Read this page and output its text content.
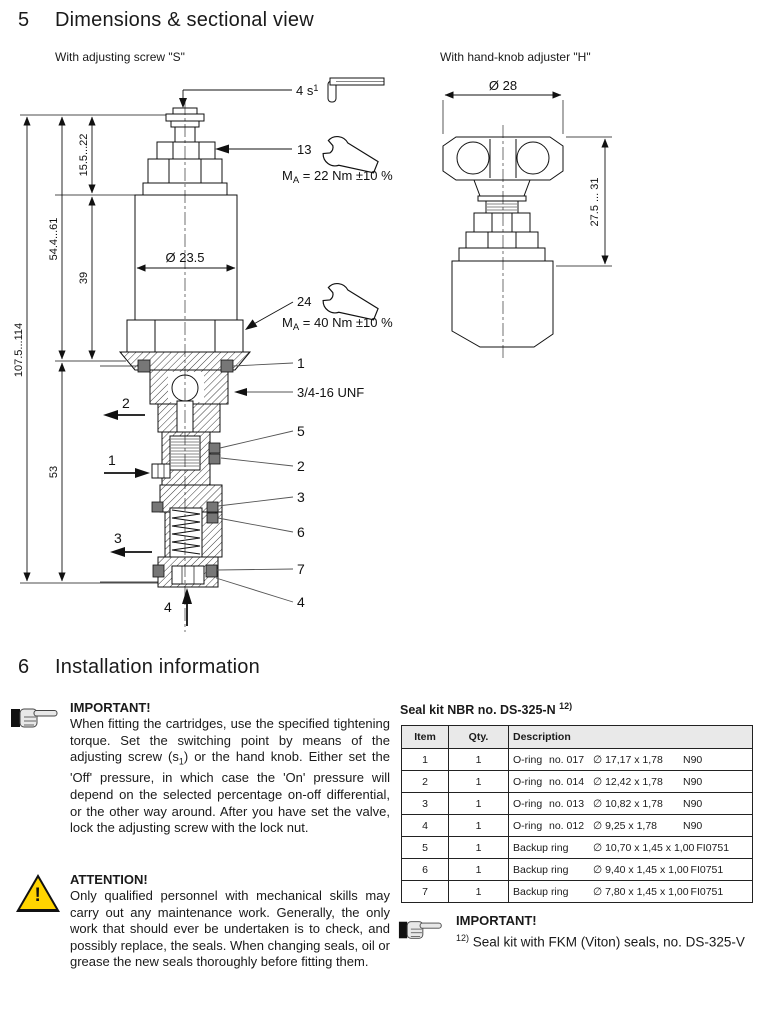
5	Dimensions & sectional view
With adjusting screw "S"	With hand-knob adjuster "H"
107.5...114
54.4...61
53
15.5...22
39
Ø 23.5
4 $s^1$
13
$M_A = 22$ Nm ±10 %
24
$M_A = 40$ Nm ±10 %
1
3/4-16 UNF
5
2
3
6
7
4
2
1
3
4
Ø 28
27.5 ... 31
6	Installation information
IMPORTANT!
When fitting the cartridges, use the specified tightening torque. Set the switching point by means of the adjusting screw $(s_1)$ or the hand knob. Either set the 'Off' pressure, in which case the 'On' pressure will depend on the selected percentage on-off differential, or the other way around. After you have set the valve, lock the adjusting screw with the lock nut.
!
ATTENTION!
Only qualified personnel with mechanical skills may carry out any maintenance work. Generally, the only work that should ever be undertaken is to check, and possibly replace, the seals. When changing seals, oil or grease the new seals thoroughly before fitting them.
Seal kit NBR no. DS-325-N $^{12)}$
Item	Qty.	Description
1	1	O-ring no. 017 ∅ 17,17 x 1,78 N90
2	1	O-ring no. 014 ∅ 12,42 x 1,78 N90
3	1	O-ring no. 013 ∅ 10,82 x 1,78 N90
4	1	O-ring no. 012 ∅ 9,25 x 1,78 N90
5	1	Backup ring ∅ 10,70 x 1,45 x 1,00 FI0751
6	1	Backup ring ∅ 9,40 x 1,45 x 1,00 FI0751
7	1	Backup ring ∅ 7,80 x 1,45 x 1,00 FI0751
IMPORTANT!
$^{12)}$ Seal kit with FKM (Viton) seals, no. DS-325-V
